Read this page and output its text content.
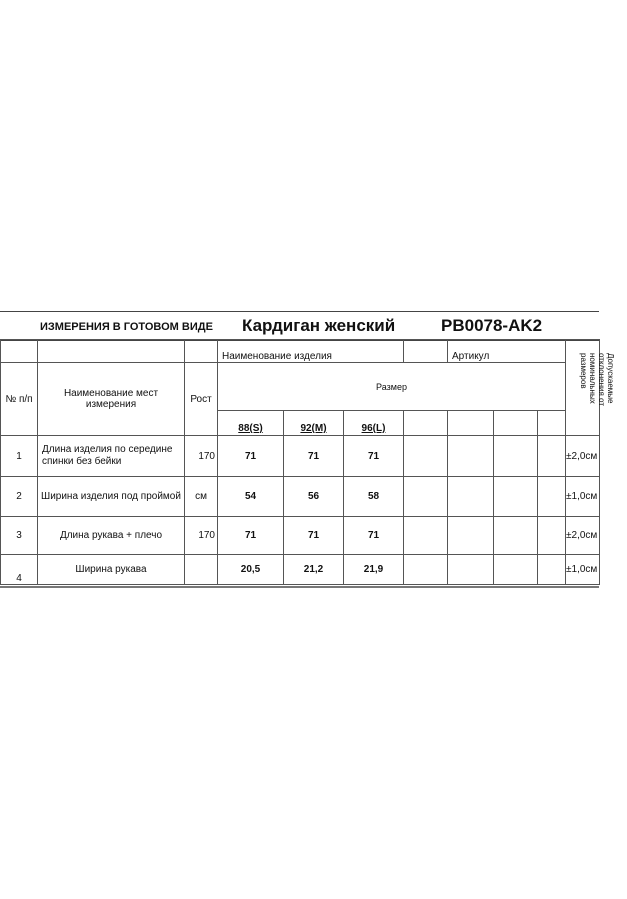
ИЗМЕРЕНИЯ В ГОТОВОМ ВИДЕ Кардиган женский	PB0078-AK2
			Наименование изделия				Артикул			Допускаемые отклонения от номинальных размеров

№ п/п	Наименование мест измерения	Рост	Размер							
			88(S)	92(M)	96(L)					
1	Длина изделия по середине спинки без бейки	170	71	71	71					±2,0см
2	Ширина изделия под проймой	см	54	56	58					±1,0см
3	Длина рукава + плечо	170	71	71	71					±2,0см
4	Ширина рукава		20,5	21,2	21,9					±1,0см
